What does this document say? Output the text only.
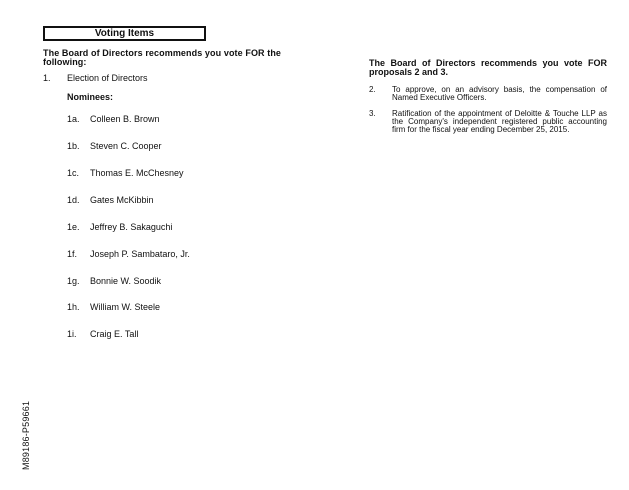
Voting Items
The Board of Directors recommends you vote FOR the following:
1. Election of Directors
Nominees:
1a. Colleen B. Brown
1b. Steven C. Cooper
1c. Thomas E. McChesney
1d. Gates McKibbin
1e. Jeffrey B. Sakaguchi
1f. Joseph P. Sambataro, Jr.
1g. Bonnie W. Soodik
1h. William W. Steele
1i. Craig E. Tall
The Board of Directors recommends you vote FOR proposals 2 and 3.
2. To approve, on an advisory basis, the compensation of Named Executive Officers.
3. Ratification of the appointment of Deloitte & Touche LLP as the Company's independent registered public accounting firm for the fiscal year ending December 25, 2015.
M89186-P59661
